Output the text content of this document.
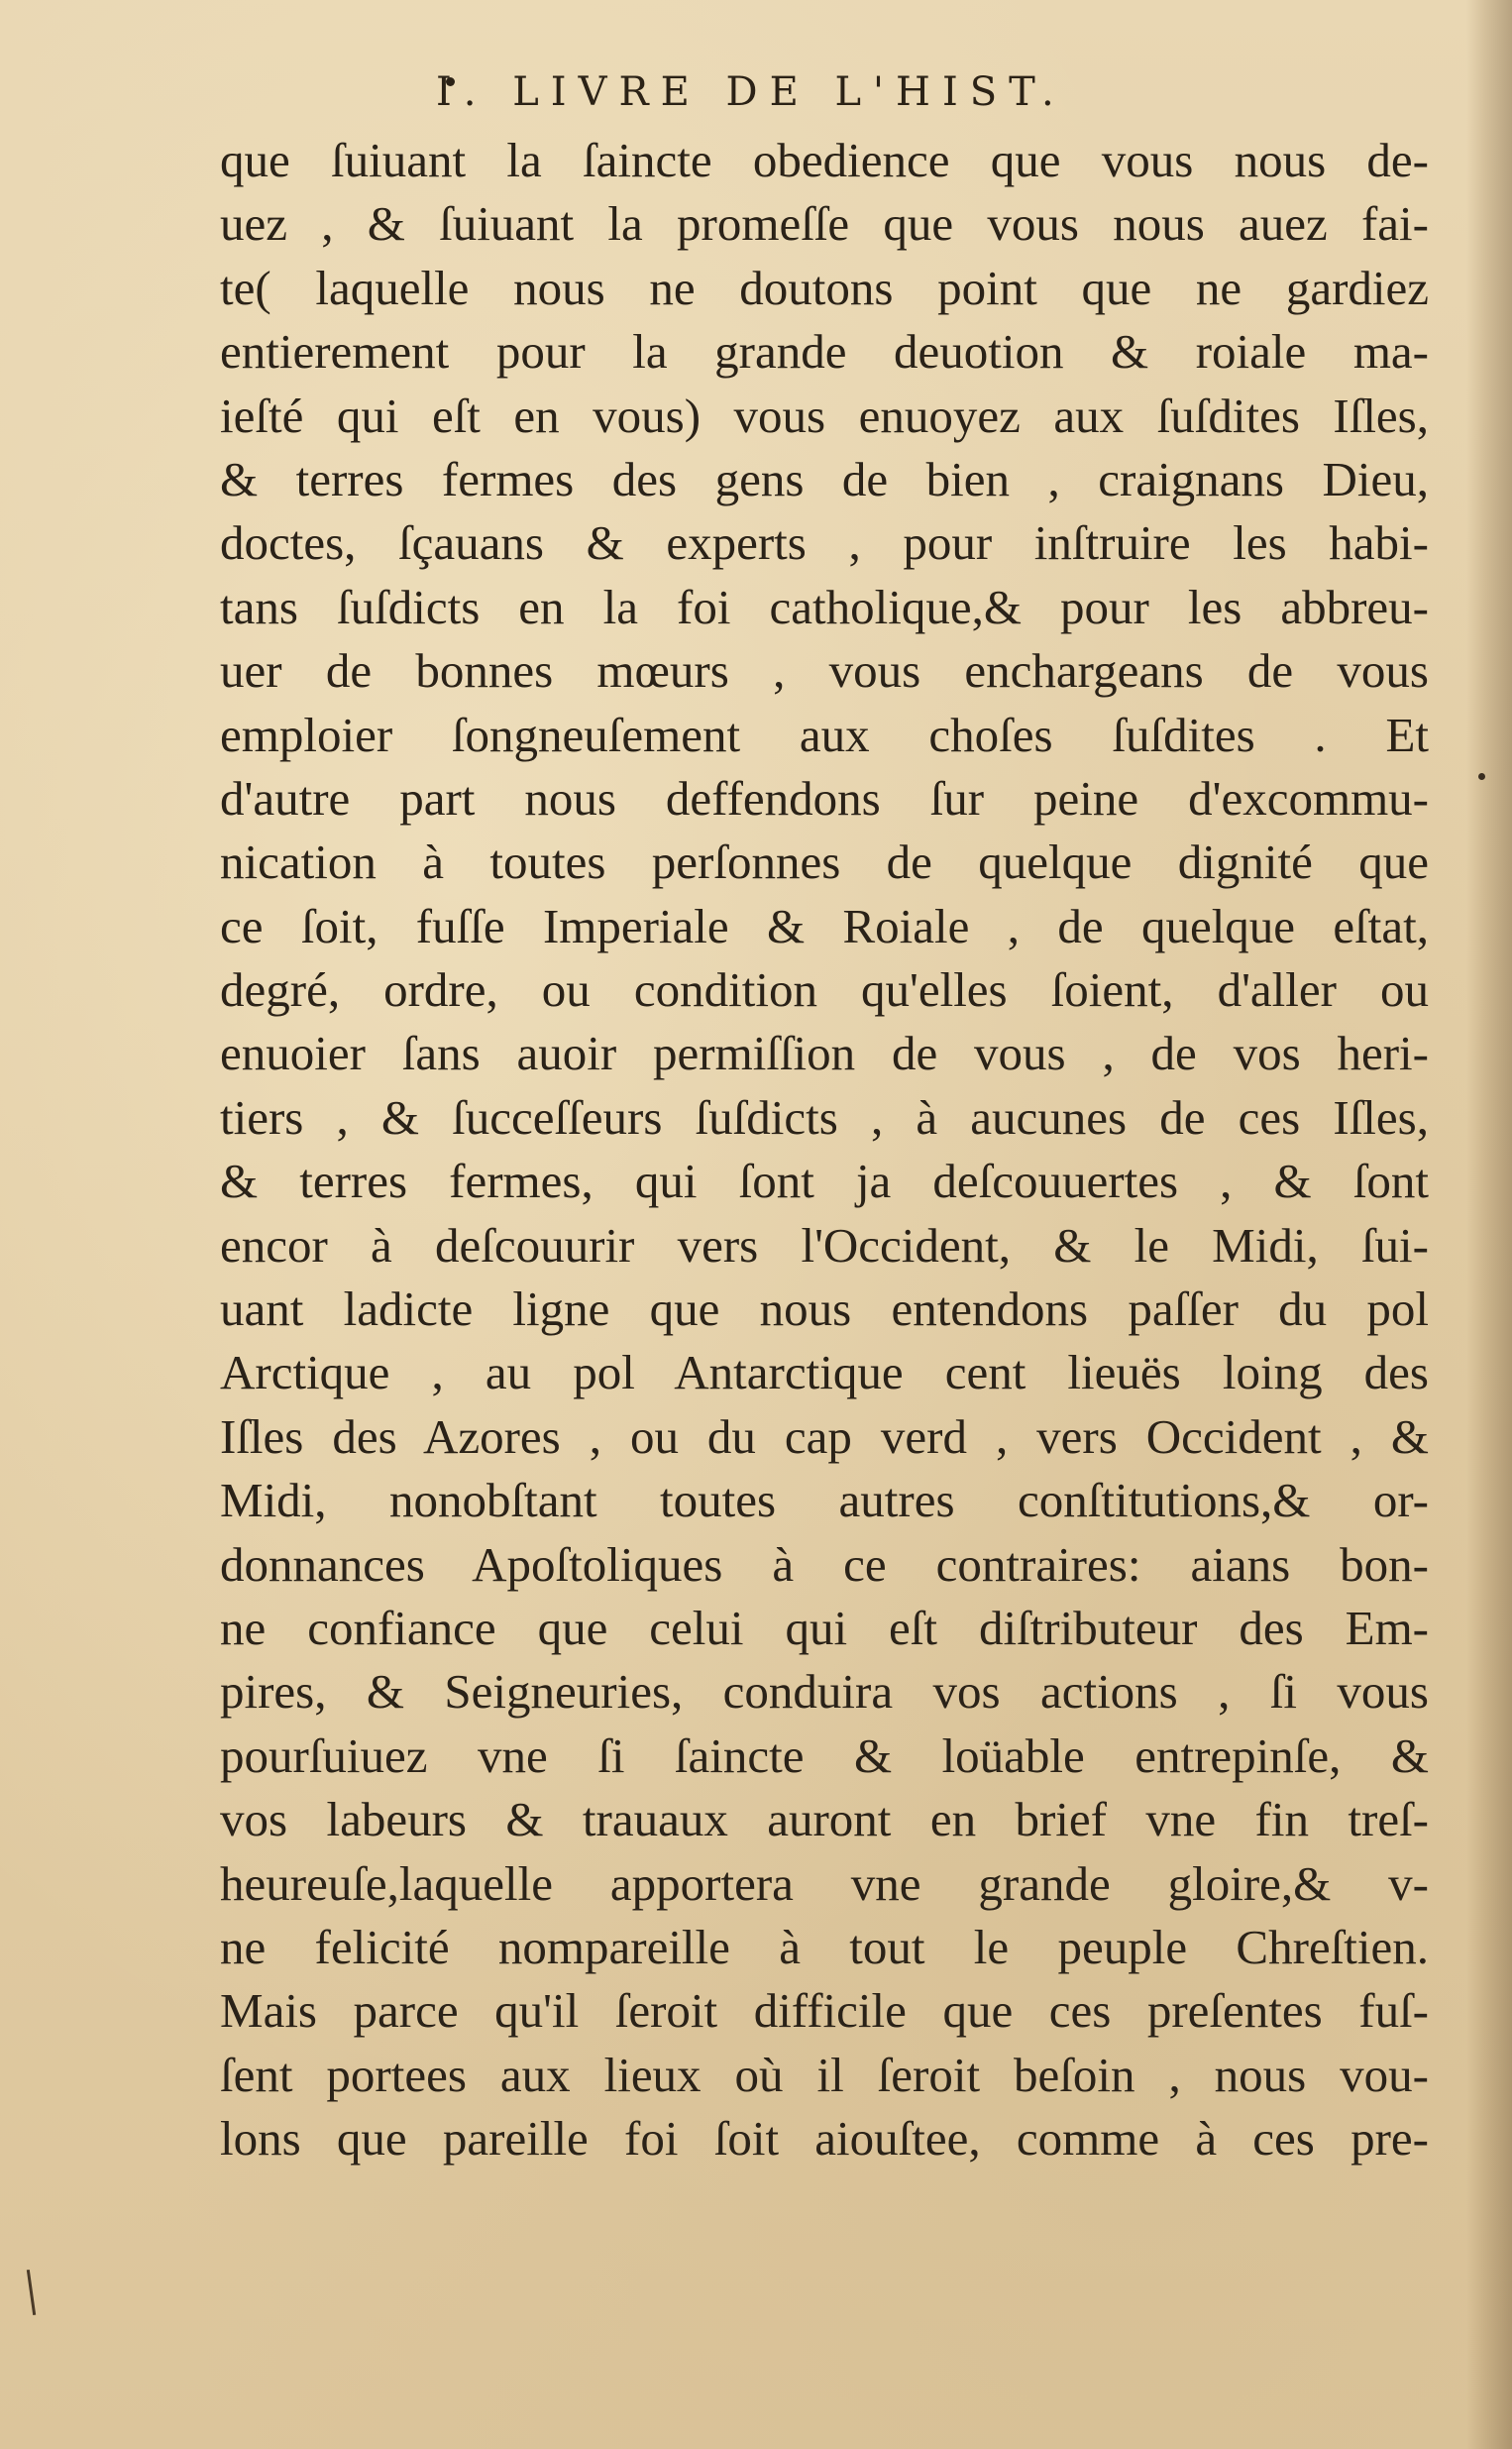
I. LIVRE DE L'HIST.
que ſuiuant la ſaincte obedience que vous nous de-
uez , & ſuiuant la promeſſe que vous nous auez fai-
te( laquelle nous ne doutons point que ne gardiez
entierement pour la grande deuotion & roiale ma-
ieſté qui eſt en vous) vous enuoyez aux ſuſdites Iſles,
& terres fermes des gens de bien , craignans Dieu,
doctes, ſçauans & experts , pour inſtruire les habi-
tans ſuſdicts en la foi catholique,& pour les abbreu-
uer de bonnes mœurs , vous enchargeans de vous
emploier ſongneuſement aux choſes ſuſdites . Et
d'autre part nous deffendons ſur peine d'excommu-
nication à toutes perſonnes de quelque dignité que
ce ſoit, fuſſe Imperiale & Roiale , de quelque eſtat,
degré, ordre, ou condition qu'elles ſoient, d'aller ou
enuoier ſans auoir permiſſion de vous , de vos heri-
tiers , & ſucceſſeurs ſuſdicts , à aucunes de ces Iſles,
& terres fermes, qui ſont ja deſcouuertes , & ſont
encor à deſcouurir vers l'Occident, & le Midi, ſui-
uant ladicte ligne que nous entendons paſſer du pol
Arctique , au pol Antarctique cent lieuës loing des
Iſles des Azores , ou du cap verd , vers Occident , &
Midi, nonobſtant toutes autres conſtitutions,& or-
donnances Apoſtoliques à ce contraires: aians bon-
ne confiance que celui qui eſt diſtributeur des Em-
pires, & Seigneuries, conduira vos actions , ſi vous
pourſuiuez vne ſi ſaincte & loüable entrepinſe, &
vos labeurs & trauaux auront en brief vne fin treſ-
heureuſe,laquelle apportera vne grande gloire,& v-
ne felicité nompareille à tout le peuple Chreſtien.
Mais parce qu'il ſeroit difficile que ces preſentes fuſ-
ſent portees aux lieux où il ſeroit beſoin , nous vou-
lons que pareille foi ſoit aiouſtee, comme à ces pre-
